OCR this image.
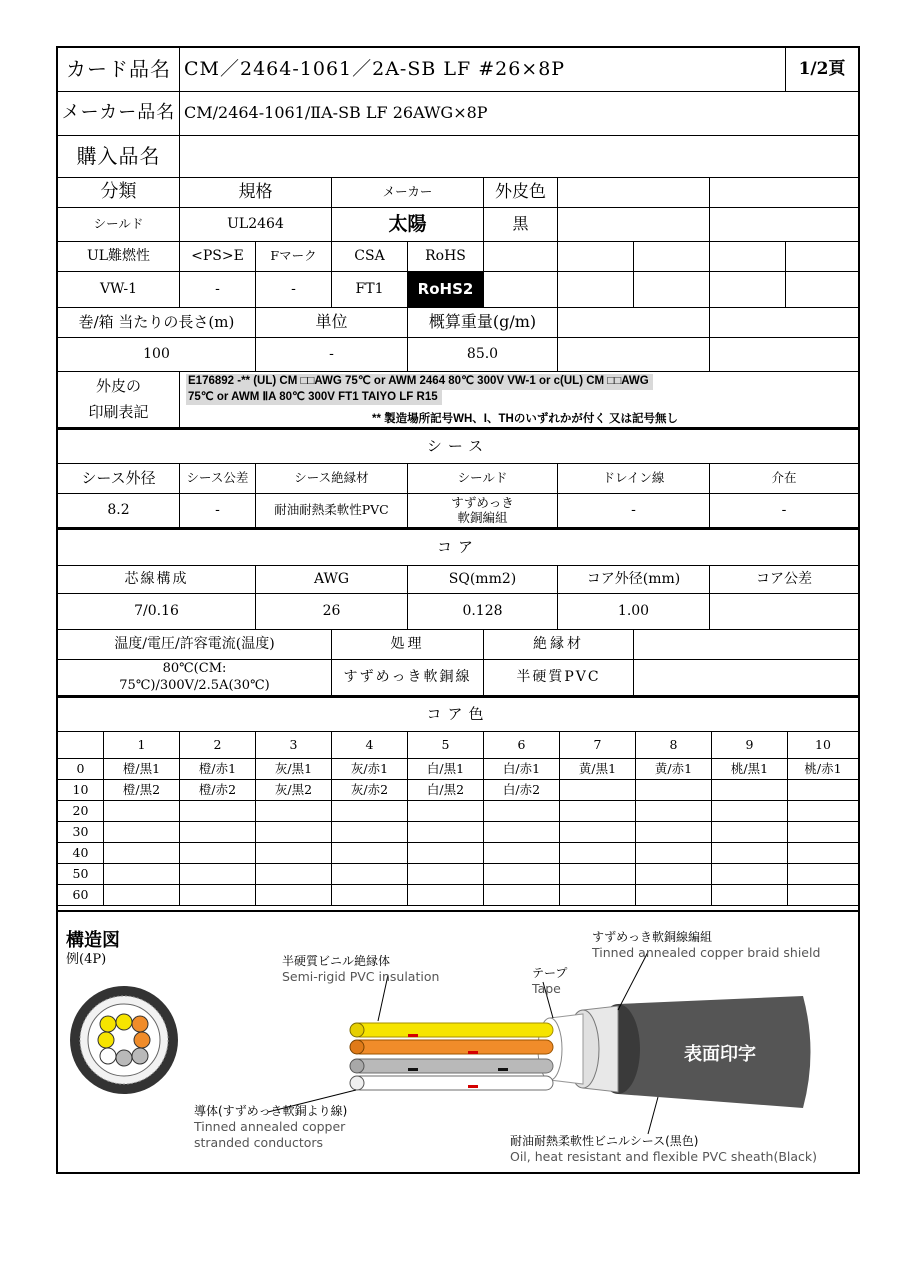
カード品名 CM／2464-1061／2A-SB LF #26×8P	1/2頁
メーカー品名 CM/2464-1061/ⅡA-SB LF 26AWG×8P
購入品名
分類	規格	メーカー	外皮色
シールド	UL2464	太陽	黒
UL難燃性	<PS>E	Fマーク	CSA	RoHS
VW-1	-	-	FT1	RoHS2
巻/箱 当たりの長さ(m)	単位	概算重量(g/m)
100	-	85.0
外皮の
印刷表記
E176892 -** (UL) CM □□AWG 75℃ or AWM 2464 80℃ 300V VW-1 or c(UL) CM □□AWG
75℃ or AWM ⅡA 80℃ 300V FT1 TAIYO LF R15
** 製造場所記号WH、I、THのいずれかが付く 又は記号無し
シース
シース外径	シース公差	シース絶縁材	シールド	ドレイン線	介在
8.2	-	耐油耐熱柔軟性PVC	すずめっき
軟銅編組	-	-
コア
芯線構成	AWG	SQ(mm2)	コア外径(mm)	コア公差
7/0.16	26	0.128	1.00
温度/電圧/許容電流(温度)	処理	絶縁材
80℃(CM:
75℃)/300V/2.5A(30℃)	すずめっき軟銅線	半硬質PVC
コア色
1	2	3	4	5	6	7	8	9	10
0	橙/黒1	橙/赤1	灰/黒1	灰/赤1	白/黒1	白/赤1	黄/黒1	黄/赤1	桃/黒1	桃/赤1
10	橙/黒2	橙/赤2	灰/黒2	灰/赤2	白/黒2	白/赤2
20
30
40
50
60
構造図
例(4P)	半硬質ビニル絶縁体
Semi-rigid PVC insulation	テープ
Tape
すずめっき軟銅線編組
Tinned annealed copper braid shield
表面印字
導体(すずめっき軟銅より線)
Tinned annealed copper
stranded conductors	耐油耐熱柔軟性ビニルシース(黒色)
Oil, heat resistant and flexible PVC sheath(Black)
